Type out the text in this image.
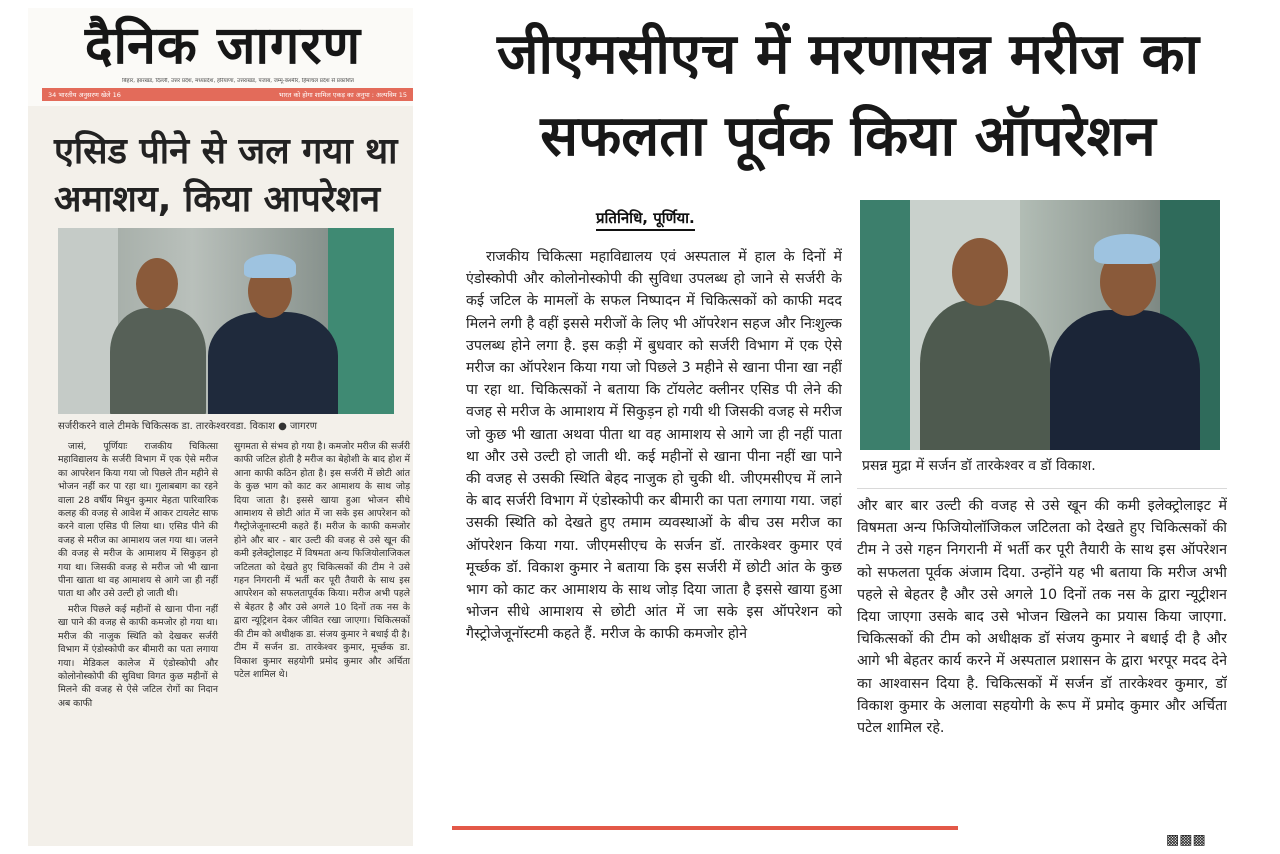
दैनिक जागरण
बिहार, झारखंड, दिल्ली, उत्तर प्रदेश, मध्यप्रदेश, हरियाणा, उत्तराखंड, पंजाब, जम्मू-कश्मीर, हिमाचल प्रदेश से प्रकाशित
34 भारतीय अनुसरण खेले 16	भारत को होगा शामिल एकड़ का अनुपा : अल्पविम 15
एसिड पीने से जल गया था अमाशय, किया आपरेशन
सर्जरीकरने वाले टीमके चिकित्सक डा. तारकेश्वरवडा. विकाश ● जागरण

जासं, पूर्णियाः राजकीय चिकित्सा महाविद्यालय के सर्जरी विभाग में एक ऐसे मरीज का आपरेशन किया गया जो पिछले तीन महीने से भोजन नहीं कर पा रहा था। गुलाबबाग का रहने वाला 28 वर्षीय मिथुन कुमार मेहता पारिवारिक कलह की वजह से आवेश में आकर टायलेट साफ करने वाला एसिड पी लिया था। एसिड पीने की वजह से मरीज का आमाशय जल गया था। जलने की वजह से मरीज के आमाशय में सिकुड़न हो गया था। जिसकी वजह से मरीज जो भी खाना पीना खाता था वह आमाशय से आगे जा ही नहीं पाता था और उसे उल्टी हो जाती थी।

मरीज पिछले कई महीनों से खाना पीना नहीं खा पाने की वजह से काफी कमजोर हो गया था। मरीज की नाजुक स्थिति को देखकर सर्जरी विभाग में एंडोस्कोपी कर बीमारी का पता लगाया गया। मेडिकल कालेज में एंडोस्कोपी और कोलोनोस्कोपी की सुविधा विगत कुछ महीनों से मिलने की वजह से ऐसे जटिल रोगों का निदान अब काफी

सुगमता से संभव हो गया है। कमजोर मरीज की सर्जरी काफी जटिल होती है मरीज का बेहोशी के बाद होश में आना काफी कठिन होता है। इस सर्जरी में छोटी आंत के कुछ भाग को काट कर आमाशय के साथ जोड़ दिया जाता है। इससे खाया हुआ भोजन सीधे आमाशय से छोटी आंत में जा सके इस आपरेशन को गैस्ट्रोजेजूनास्टमी कहते हैं। मरीज के काफी कमजोर होने और बार - बार उल्टी की वजह से उसे खून की कमी इलेक्ट्रोलाइट में विषमता अन्य फिजियोलाजिकल जटिलता को देखते हुए चिकित्सकों की टीम ने उसे गहन निगरानी में भर्ती कर पूरी तैयारी के साथ इस आपरेशन को सफलतापूर्वक किया। मरीज अभी पहले से बेहतर है और उसे अगले 10 दिनों तक नस के द्वारा न्यूट्रिशन देकर जीवित रखा जाएगा। चिकित्सकों की टीम को अधीक्षक डा. संजय कुमार ने बधाई दी है। टीम में सर्जन डा. तारकेश्वर कुमार, मूर्च्छक डा. विकाश कुमार सहयोगी प्रमोद कुमार और अर्चिता पटेल शामिल थे।

जीएमसीएच में मरणासन्न मरीज का सफलता पूर्वक किया ऑपरेशन
प्रतिनिधि, पूर्णिया.

राजकीय चिकित्सा महाविद्यालय एवं अस्पताल में हाल के दिनों में एंडोस्कोपी और कोलोनोस्कोपी की सुविधा उपलब्ध हो जाने से सर्जरी के कई जटिल के मामलों के सफल निष्पादन में चिकित्सकों को काफी मदद मिलने लगी है वहीं इससे मरीजों के लिए भी ऑपरेशन सहज और निःशुल्क उपलब्ध होने लगा है. इस कड़ी में बुधवार को सर्जरी विभाग में एक ऐसे मरीज का ऑपरेशन किया गया जो पिछले 3 महीने से खाना पीना खा नहीं पा रहा था. चिकित्सकों ने बताया कि टॉयलेट क्लीनर एसिड पी लेने की वजह से मरीज के आमाशय में सिकुड़न हो गयी थी जिसकी वजह से मरीज जो कुछ भी खाता अथवा पीता था वह आमाशय से आगे जा ही नहीं पाता था और उसे उल्टी हो जाती थी. कई महीनों से खाना पीना नहीं खा पाने की वजह से उसकी स्थिति बेहद नाजुक हो चुकी थी. जीएमसीएच में लाने के बाद सर्जरी विभाग में एंडोस्कोपी कर बीमारी का पता लगाया गया. जहां उसकी स्थिति को देखते हुए तमाम व्यवस्थाओं के बीच उस मरीज का ऑपरेशन किया गया. जीएमसीएच के सर्जन डॉ. तारकेश्वर कुमार एवं मूर्च्छक डॉ. विकाश कुमार ने बताया कि इस सर्जरी में छोटी आंत के कुछ भाग को काट कर आमाशय के साथ जोड़ दिया जाता है इससे खाया हुआ भोजन सीधे आमाशय से छोटी आंत में जा सके इस ऑपरेशन को गैस्ट्रोजेजूनॉस्टमी कहते हैं. मरीज के काफी कमजोर होने

प्रसन्न मुद्रा में सर्जन डॉ तारकेश्वर व डॉ विकाश.

और बार बार उल्टी की वजह से उसे खून की कमी इलेक्ट्रोलाइट में विषमता अन्य फिजियोलॉजिकल जटिलता को देखते हुए चिकित्सकों की टीम ने उसे गहन निगरानी में भर्ती कर पूरी तैयारी के साथ इस ऑपरेशन को सफलता पूर्वक अंजाम दिया. उन्होंने यह भी बताया कि मरीज अभी पहले से बेहतर है और उसे अगले 10 दिनों तक नस के द्वारा न्यूट्रीशन दिया जाएगा उसके बाद उसे भोजन खिलने का प्रयास किया जाएगा. चिकित्सकों की टीम को अधीक्षक डॉ संजय कुमार ने बधाई दी है और आगे भी बेहतर कार्य करने में अस्पताल प्रशासन के द्वारा भरपूर मदद देने का आश्वासन दिया है. चिकित्सकों में सर्जन डॉ तारकेश्वर कुमार, डॉ विकाश कुमार के अलावा सहयोगी के रूप में प्रमोद कुमार और अर्चिता पटेल शामिल रहे.

▩▩▩
